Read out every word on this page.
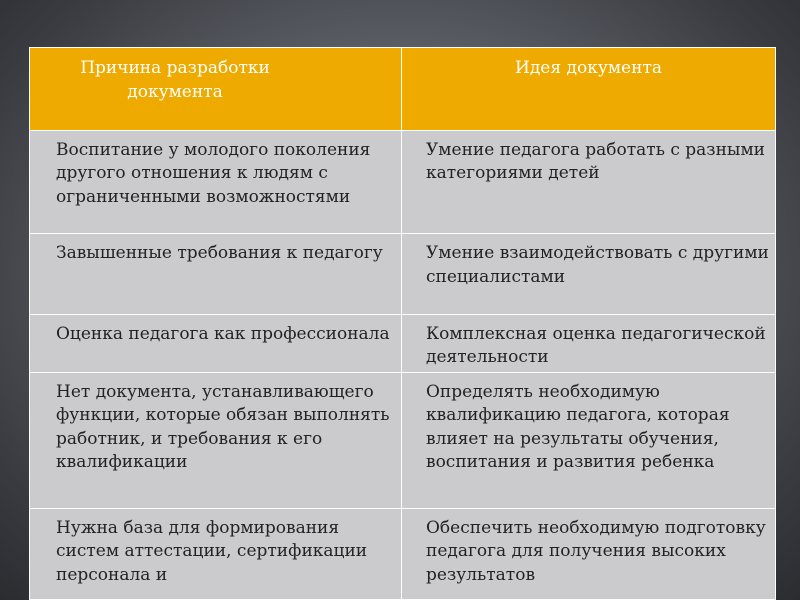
Причина разработки документа	Идея документа

Воспитание у молодого поколения другого отношения к людям с ограниченными возможностями	Умение педагога работать с разными категориями детей

Завышенные требования к педагогу	Умение взаимодействовать с другими специалистами

Оценка педагога как профессионала	Комплексная оценка педагогической деятельности

Нет документа, устанавливающего функции, которые обязан выполнять работник, и требования к его квалификации	Определять необходимую квалификацию педагога, которая влияет на результаты обучения, воспитания и развития ребенка

Нужна база для формирования систем аттестации, сертификации персонала и	Обеспечить необходимую подготовку педагога для получения высоких результатов
